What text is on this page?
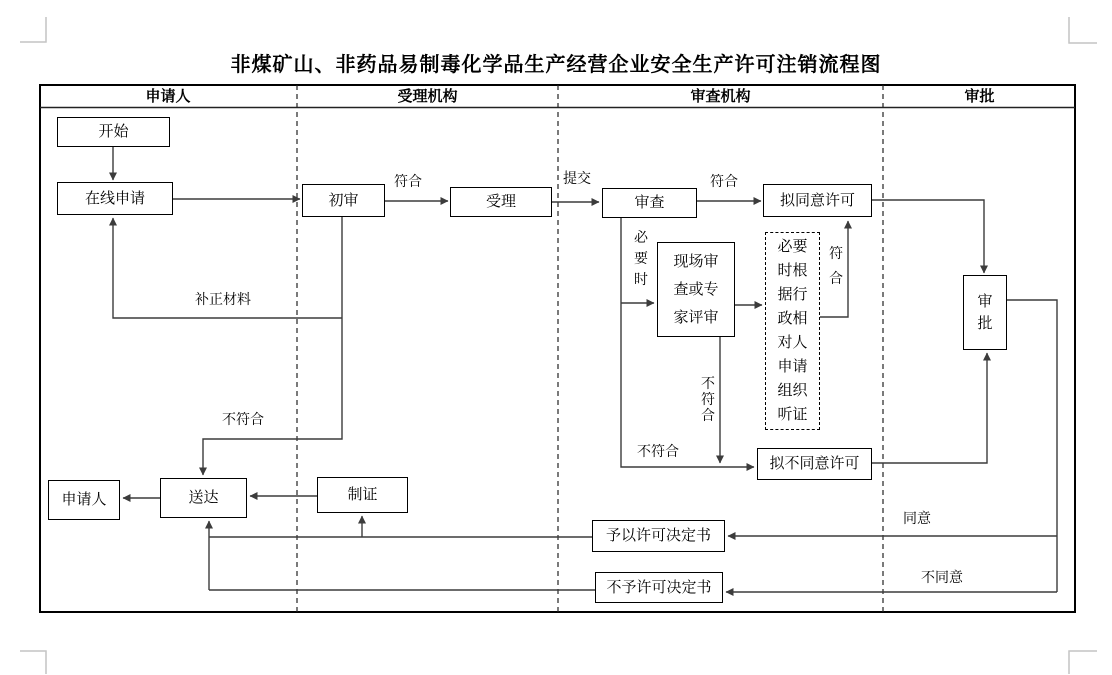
非煤矿山、非药品易制毒化学品生产经营企业安全生产许可注销流程图
申请人	受理机构	审查机构	审批
开始
在线申请	初审	受理	审查	拟同意许可
现场审查或专家评审
必要时根据行政相对人申请组织听证
审批
拟不同意许可
申请人	送达	制证
予以许可决定书
不予许可决定书
符合	提交	符合
符合
必要时
不符合
不符合
不符合
补正材料
同意
不同意
